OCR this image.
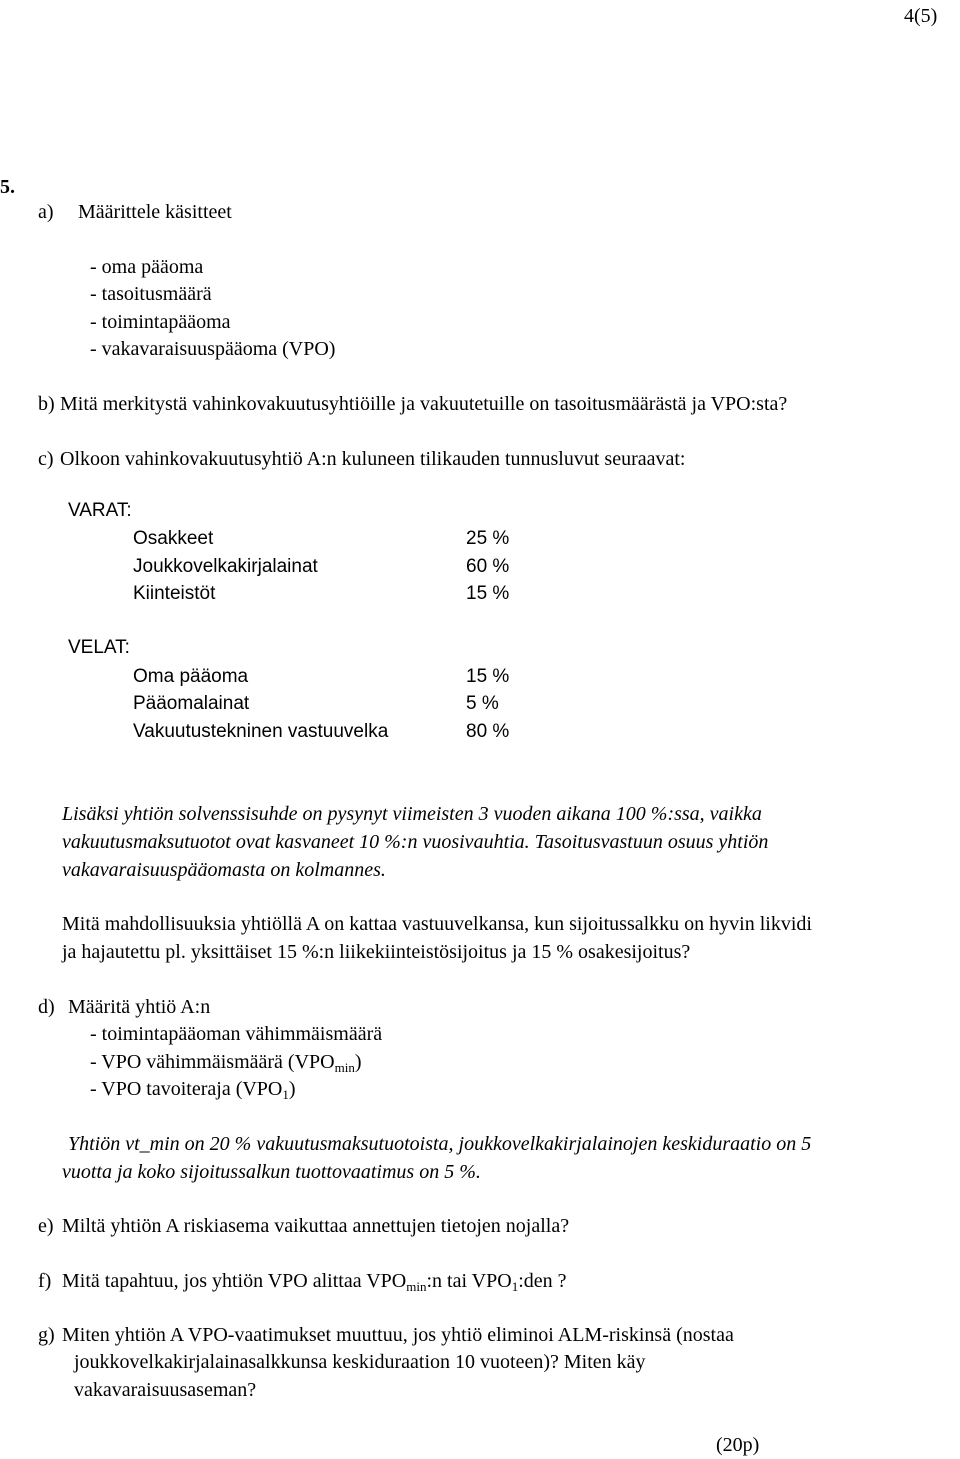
4(5)
5.
a) Määrittele käsitteet
- oma pääoma
- tasoitusmäärä
- toimintapääoma
- vakavaraisuuspääoma (VPO)
b) Mitä merkitystä vahinkovakuutusyhtiöille ja vakuutetuille on tasoitusmäärästä ja VPO:sta?
c) Olkoon vahinkovakuutusyhtiö A:n kuluneen tilikauden tunnusluvut seuraavat:
VARAT:
Osakkeet	25 %
Joukkovelkakirjalainat	60 %
Kiinteistöt	15 %
VELAT:
Oma pääoma	15 %
Pääomalainat	5 %
Vakuutustekninen vastuuvelka	80 %
Lisäksi yhtiön solvenssisuhde on pysynyt viimeisten 3 vuoden aikana 100 %:ssa, vaikka
vakuutusmaksutuotot ovat kasvaneet 10 %:n vuosivauhtia. Tasoitusvastuun osuus yhtiön
vakavaraisuuspääomasta on kolmannes.
Mitä mahdollisuuksia yhtiöllä A on kattaa vastuuvelkansa, kun sijoitussalkku on hyvin likvidi
ja hajautettu pl. yksittäiset 15 %:n liikekiinteistösijoitus ja 15 % osakesijoitus?
d) Määritä yhtiö A:n
- toimintapääoman vähimmäismäärä
- VPO vähimmäismäärä $(VPO_{min})$
- VPO tavoiteraja $(VPO_1)$
Yhtiön vt_min on 20 % vakuutusmaksutuotoista, joukkovelkakirjalainojen keskiduraatio on 5
vuotta ja koko sijoitussalkun tuottovaatimus on 5 %.
e) Miltä yhtiön A riskiasema vaikuttaa annettujen tietojen nojalla?
f) Mitä tapahtuu, jos yhtiön VPO alittaa $VPO_{min}:n$ tai $VPO_1:den$ ?
g) Miten yhtiön A VPO-vaatimukset muuttuu, jos yhtiö eliminoi ALM-riskinsä (nostaa
joukkovelkakirjalainasalkkunsa keskiduraation 10 vuoteen)? Miten käy
vakavaraisuusaseman?
(20p)
